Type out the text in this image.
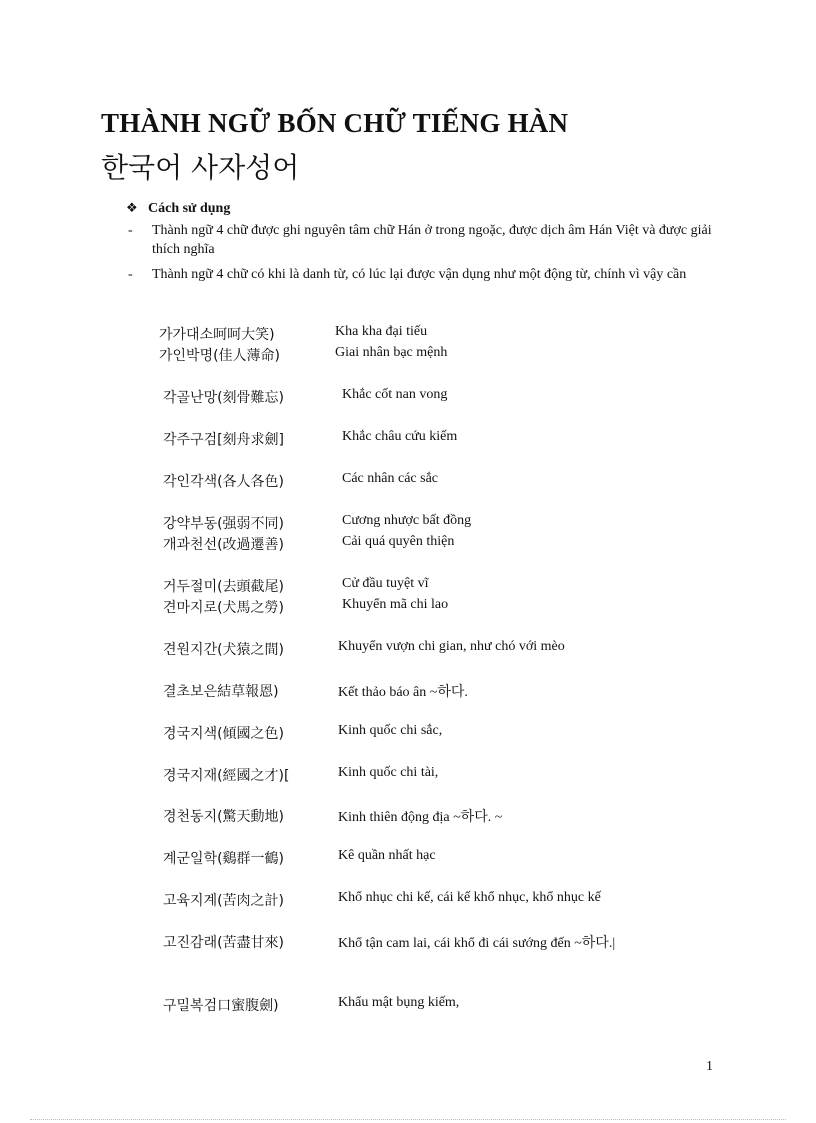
THÀNH NGỮ BỐN CHỮ TIẾNG HÀN
한국어 사자성어
❖ Cách sử dụng
- Thành ngữ 4 chữ được ghi nguyên tâm chữ Hán ở trong ngoặc, được dịch âm Hán Việt và được giải thích nghĩa
- Thành ngữ 4 chữ có khi là danh từ, có lúc lại được vận dụng như một động từ, chính vì vậy cần
가가대소呵呵大笑)	Kha kha đại tiếu
가인박명(佳人薄命)	Giai nhân bạc mệnh
각골난망(刻骨難忘)	Khắc cốt nan vong
각주구검[刻舟求劍]	Khắc châu cứu kiếm
각인각색(各人各色)	Các nhân các sắc
강약부동(强弱不同)	Cương nhược bất đồng
개과천선(改過遷善)	Cải quá quyên thiện
거두절미(去頭截尾)	Cử đầu tuyệt vĩ
견마지로(犬馬之勞)	Khuyển mã chi lao
견원지간(犬猿之間)	Khuyển vượn chi gian, như chó với mèo
결초보은結草報恩)	Kết thảo báo ân ~하다.
경국지색(傾國之色)	Kinh quốc chi sắc,
경국지재(經國之才)[	Kinh quốc chi tài,
경천동지(驚天動地)	Kinh thiên động địa ~하다. ~
계군일학(鷄群一鶴)	Kê quần nhất hạc
고육지계(苦肉之計)	Khổ nhục chi kế, cái kế khổ nhục, khổ nhục kế
고진감래(苦盡甘來)	Khổ tận cam lai, cái khổ đi cái sướng đến ~하다.|
구밀복검口蜜腹劍)	Khẩu mật bụng kiếm,
1
